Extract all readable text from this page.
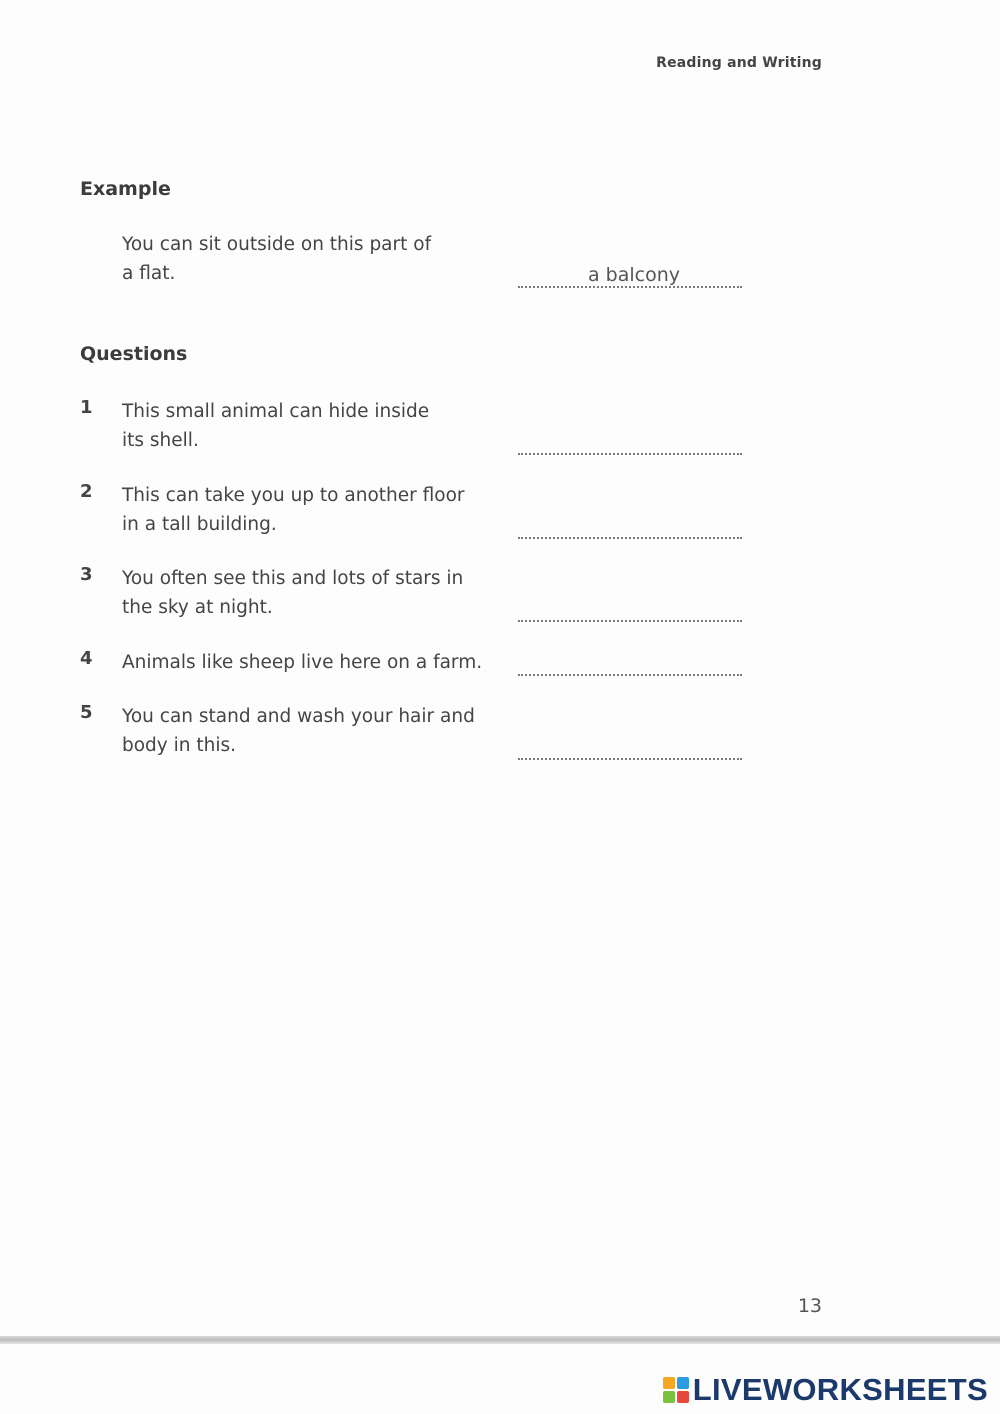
Reading and Writing
Example
You can sit outside on this part of
a flat.	a balcony
Questions
1 This small animal can hide inside
its shell.
2 This can take you up to another floor
in a tall building.
3 You often see this and lots of stars in
the sky at night.
4 Animals like sheep live here on a farm.
5 You can stand and wash your hair and
body in this.
13
LIVEWORKSHEETS
